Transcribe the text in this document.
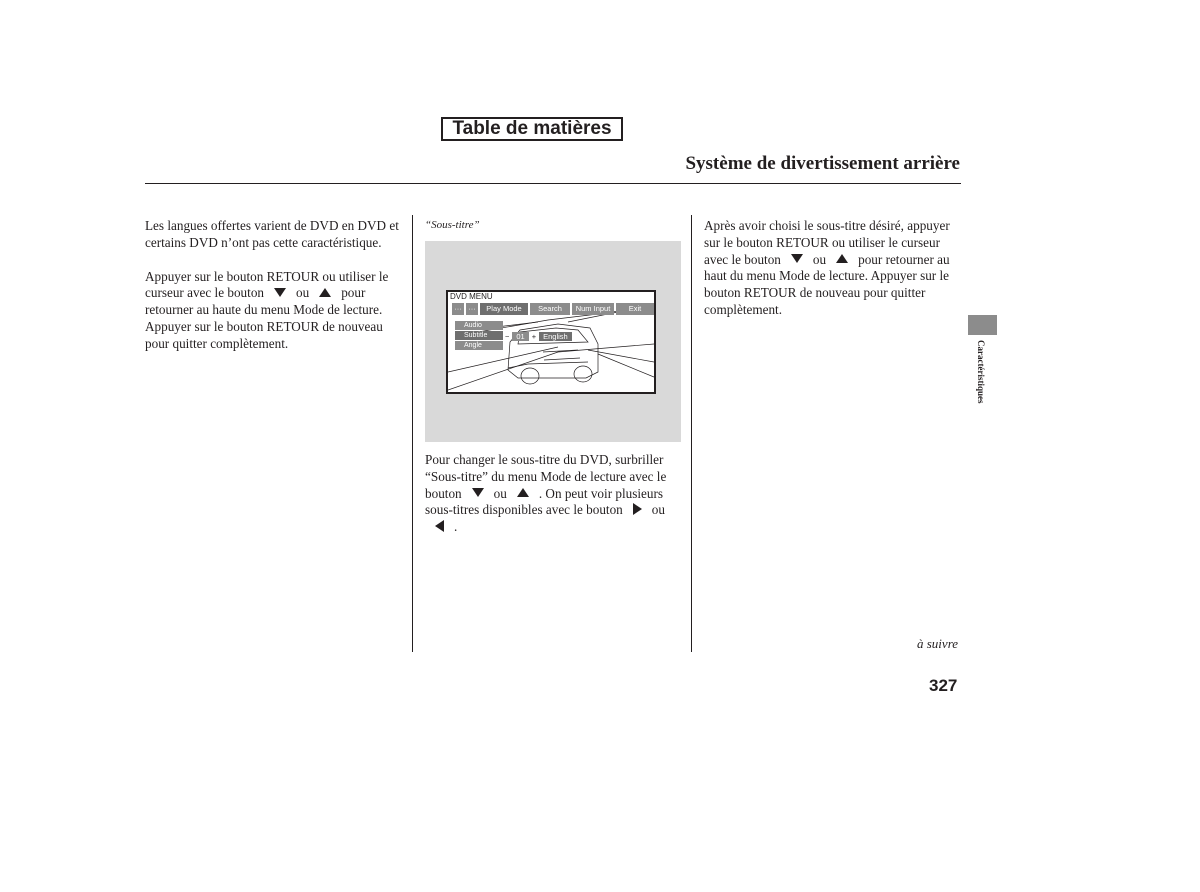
Table de matières
Système de divertissement arrière

Les langues offertes varient de DVD en DVD et certains DVD n’ont pas cette caractéristique.

Appuyer sur le bouton RETOUR ou utiliser le curseur avec le bouton ou pour retourner au haute du menu Mode de lecture. Appuyer sur le bouton RETOUR de nouveau pour quitter complètement.

“Sous-titre”
DVD MENU
··· ···	Play Mode	Search	Num Input	Exit
Audio
Subtitle
Angle
− 01 + English

Pour changer le sous-titre du DVD, surbriller “Sous-titre” du menu Mode de lecture avec le bouton ou . On peut voir plusieurs sous-titres disponibles avec le bouton ou.

Après avoir choisi le sous-titre désiré, appuyer sur le bouton RETOUR ou utiliser le curseur avec le bouton ou pour retourner au haut du menu Mode de lecture. Appuyer sur le bouton RETOUR de nouveau pour quitter complètement.

Caractéristiques
à suivre
327
